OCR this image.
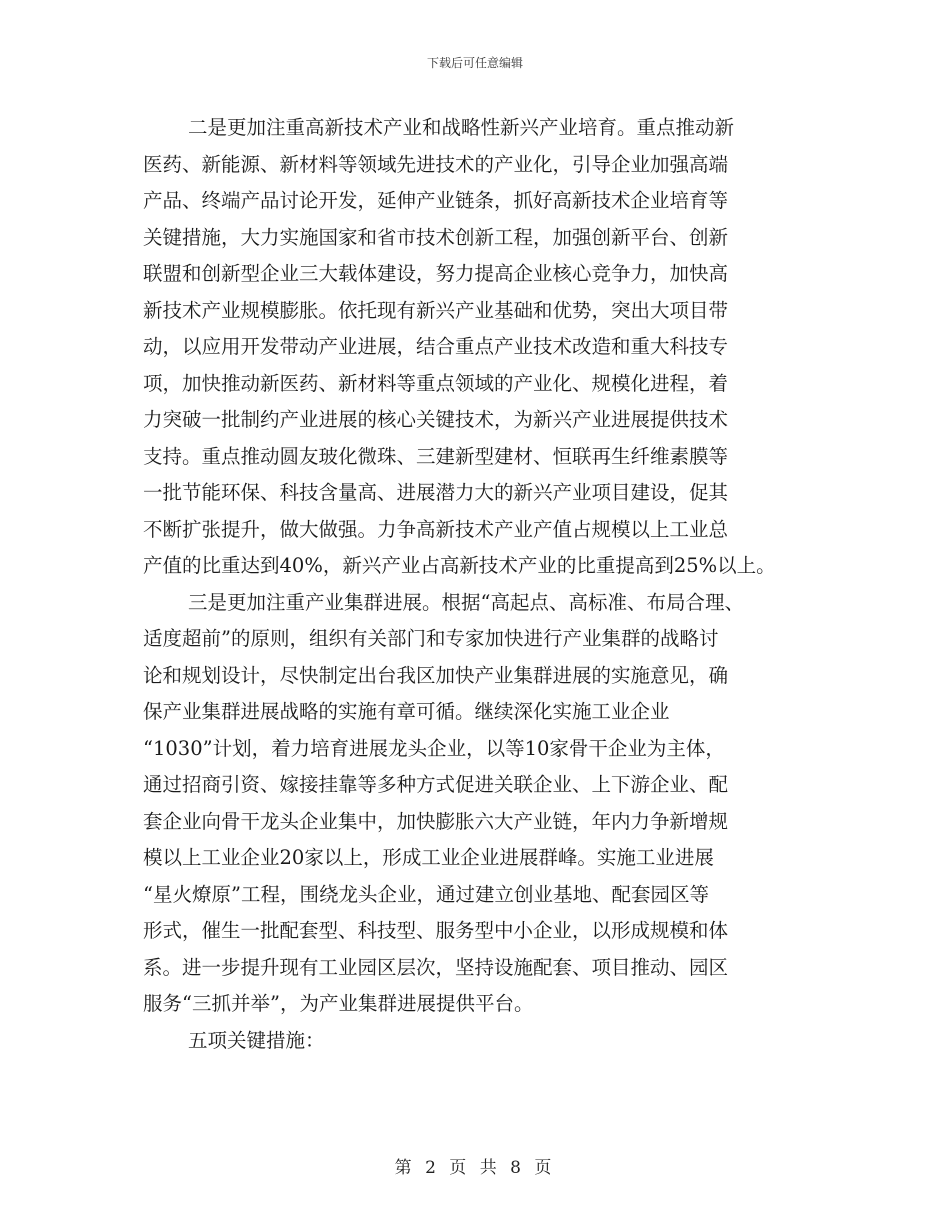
下载后可任意编辑
二是更加注重高新技术产业和战略性新兴产业培育。重点推动新
医药、新能源、新材料等领域先进技术的产业化，引导企业加强高端
产品、终端产品讨论开发，延伸产业链条，抓好高新技术企业培育等
关键措施，大力实施国家和省市技术创新工程，加强创新平台、创新
联盟和创新型企业三大载体建设，努力提高企业核心竞争力，加快高
新技术产业规模膨胀。依托现有新兴产业基础和优势，突出大项目带
动，以应用开发带动产业进展，结合重点产业技术改造和重大科技专
项，加快推动新医药、新材料等重点领域的产业化、规模化进程，着
力突破一批制约产业进展的核心关键技术，为新兴产业进展提供技术
支持。重点推动圆友玻化微珠、三建新型建材、恒联再生纤维素膜等
一批节能环保、科技含量高、进展潜力大的新兴产业项目建设，促其
不断扩张提升，做大做强。力争高新技术产业产值占规模以上工业总
产值的比重达到40%，新兴产业占高新技术产业的比重提高到25%以上。
三是更加注重产业集群进展。根据“高起点、高标准、布局合理、
适度超前”的原则，组织有关部门和专家加快进行产业集群的战略讨
论和规划设计，尽快制定出台我区加快产业集群进展的实施意见，确
保产业集群进展战略的实施有章可循。继续深化实施工业企业
“1030”计划，着力培育进展龙头企业，以等10家骨干企业为主体，
通过招商引资、嫁接挂靠等多种方式促进关联企业、上下游企业、配
套企业向骨干龙头企业集中，加快膨胀六大产业链，年内力争新增规
模以上工业企业20家以上，形成工业企业进展群峰。实施工业进展
“星火燎原”工程，围绕龙头企业，通过建立创业基地、配套园区等
形式，催生一批配套型、科技型、服务型中小企业，以形成规模和体
系。进一步提升现有工业园区层次，坚持设施配套、项目推动、园区
服务“三抓并举”，为产业集群进展提供平台。
五项关键措施：
第 2 页 共 8 页
